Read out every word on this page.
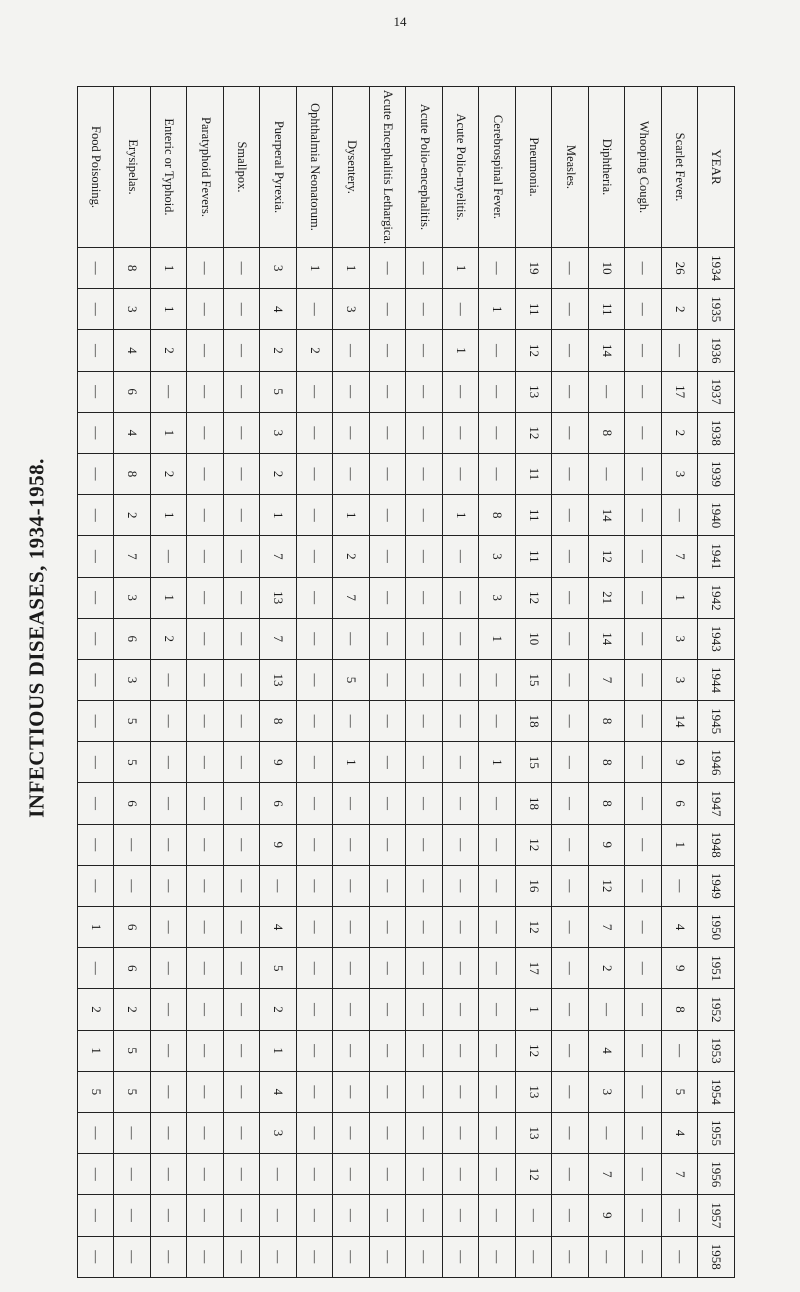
14
INFECTIOUS DISEASES, 1934-1958.
YEAR	1934	1935	1936	1937	1938	1939	1940	1941	1942	1943	1944	1945	1946	1947	1948	1949	1950	1951	1952	1953	1954	1955	1956	1957	1958
Scarlet Fever.	26	2	—	17	2	3	—	7	1	3	3	14	9	6	1	—	4	9	8	—	5	4	7	—	—
Whooping Cough.	—	—	—	—	—	—	—	—	—	—	—	—	—	—	—	—	—	—	—	—	—	—	—	—	—
Diphtheria.	10	11	14	—	8	—	14	12	21	14	7	8	8	8	9	12	7	2	—	4	3	—	7	9	—
Measles.	—	—	—	—	—	—	—	—	—	—	—	—	—	—	—	—	—	—	—	—	—	—	—	—	—
Pneumonia.	19	11	12	13	12	11	11	11	12	10	15	18	15	18	12	16	12	17	1	12	13	13	12	—	—
Cerebrospinal Fever.	—	1	—	—	—	—	8	3	3	1	—	—	1	—	—	—	—	—	—	—	—	—	—	—	—
Acute Polio-myelitis.	1	—	1	—	—	—	1	—	—	—	—	—	—	—	—	—	—	—	—	—	—	—	—	—	—
Acute Polio-encephalitis.	—	—	—	—	—	—	—	—	—	—	—	—	—	—	—	—	—	—	—	—	—	—	—	—	—
Acute Encephalitis Lethargica.	—	—	—	—	—	—	—	—	—	—	—	—	—	—	—	—	—	—	—	—	—	—	—	—	—
Dysentery.	1	3	—	—	—	—	1	2	7	—	5	—	1	—	—	—	—	—	—	—	—	—	—	—	—
Ophthalmia Neonatorum.	1	—	2	—	—	—	—	—	—	—	—	—	—	—	—	—	—	—	—	—	—	—	—	—	—
Puerperal Pyrexia.	3	4	2	5	3	2	1	7	13	7	13	8	9	6	9	—	4	5	2	1	4	3	—	—	—
Smallpox.	—	—	—	—	—	—	—	—	—	—	—	—	—	—	—	—	—	—	—	—	—	—	—	—	—
Paratyphoid Fevers.	—	—	—	—	—	—	—	—	—	—	—	—	—	—	—	—	—	—	—	—	—	—	—	—	—
Enteric or Typhoid.	1	1	2	—	1	2	1	—	1	2	—	—	—	—	—	—	—	—	—	—	—	—	—	—	—
Erysipelas.	8	3	4	6	4	8	2	7	3	6	3	5	5	6	—	—	6	6	2	5	5	—	—	—	—
Food Poisoning.	—	—	—	—	—	—	—	—	—	—	—	—	—	—	—	—	1	—	2	1	5	—	—	—	—
